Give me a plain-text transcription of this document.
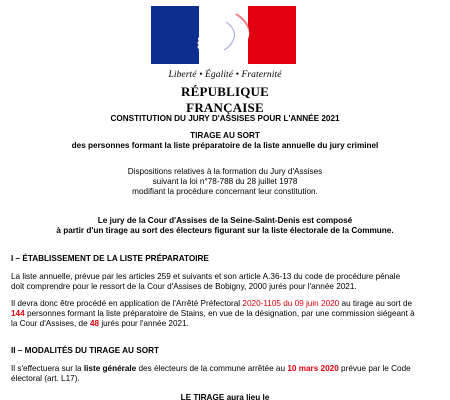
Liberté • Égalité • Fraternité
RÉPUBLIQUE FRANÇAISE
CONSTITUTION DU JURY D'ASSISES POUR L'ANNÉE 2021
TIRAGE AU SORT
des personnes formant la liste préparatoire de la liste annuelle du jury criminel
Dispositions relatives à la formation du Jury d'Assises
suivant la loi n°78-788 du 28 juillet 1978
modifiant la procédure concernant leur constitution.
Le jury de la Cour d'Assises de la Seine-Saint-Denis est composé
à partir d'un tirage au sort des électeurs figurant sur la liste électorale de la Commune.
I – ÉTABLISSEMENT DE LA LISTE PRÉPARATOIRE
La liste annuelle, prévue par les articles 259 et suivants et son article A.36-13 du code de procédure pénale
doit comprendre pour le ressort de la Cour d'Assises de Bobigny, 2000 jurés pour l'année 2021.
Il devra donc être procédé en application de l'Arrêté Préfectoral 2020-1105 du 09 juin 2020 au tirage au sort de
144 personnes formant la liste préparatoire de Stains, en vue de la désignation, par une commission siégeant à
la Cour d'Assises, de 48 jurés pour l'année 2021.
II – MODALITÉS DU TIRAGE AU SORT
Il s'effectuera sur la liste générale des électeurs de la commune arrêtée au 10 mars 2020 prévue par le Code
électoral (art. L17).
LE TIRAGE aura lieu le
